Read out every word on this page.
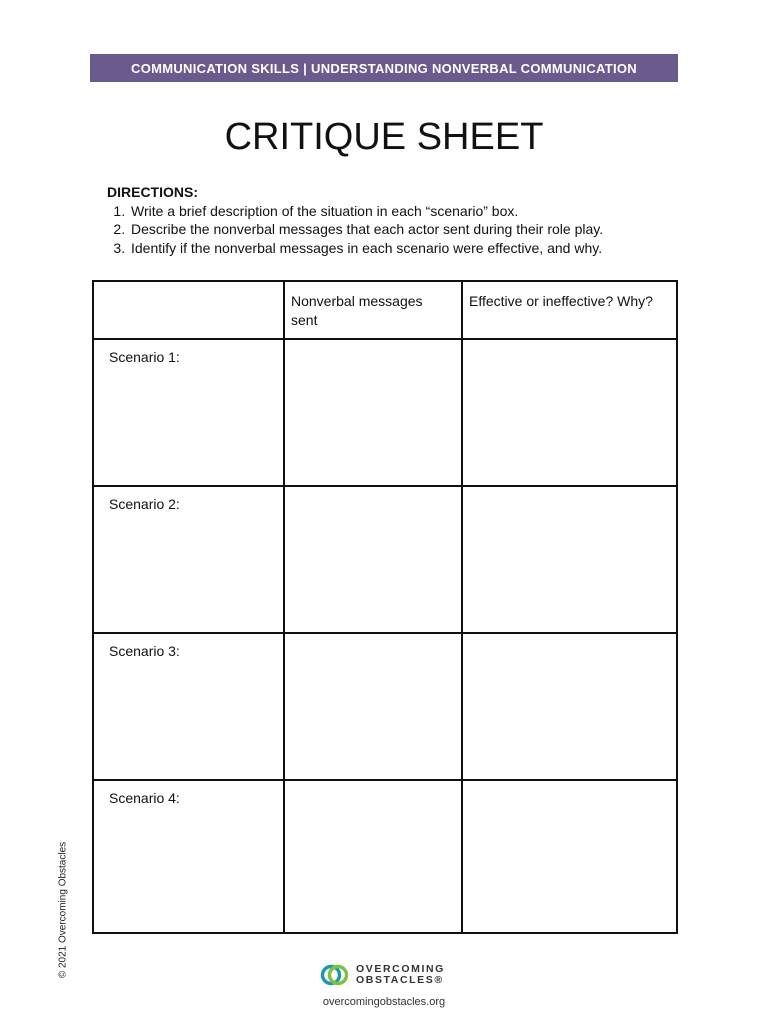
COMMUNICATION SKILLS | UNDERSTANDING NONVERBAL COMMUNICATION
CRITIQUE SHEET
DIRECTIONS:
1. Write a brief description of the situation in each “scenario” box.
2. Describe the nonverbal messages that each actor sent during their role play.
3. Identify if the nonverbal messages in each scenario were effective, and why.
	Nonverbal messages sent	Effective or ineffective? Why?
Scenario 1:		
Scenario 2:		
Scenario 3:		
Scenario 4:		
© 2021 Overcoming Obstacles	OVERCOMING
OBSTACLES®
overcomingobstacles.org
